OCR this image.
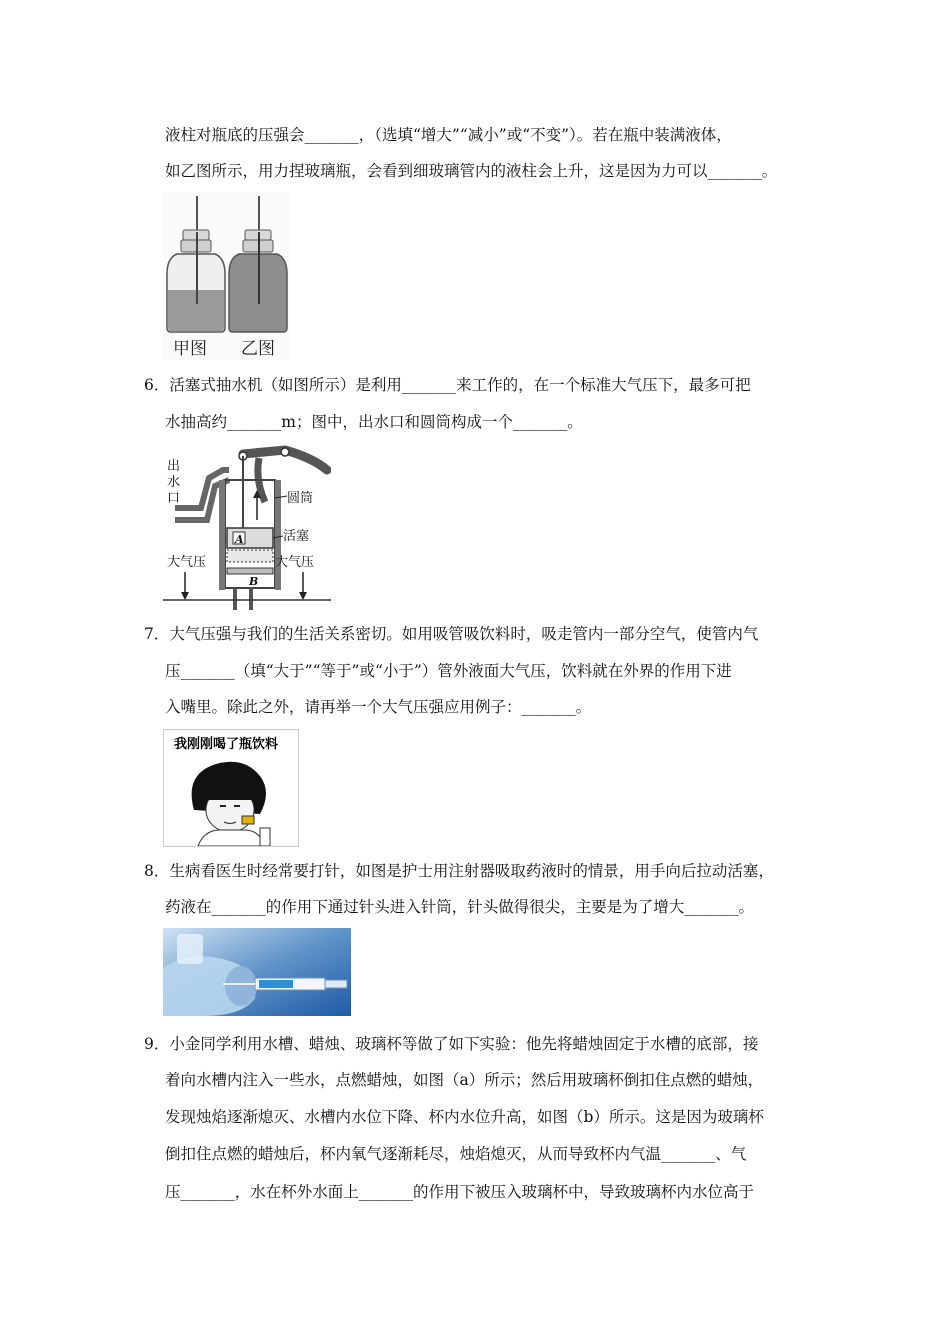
液柱对瓶底的压强会_______，（选填“增大”“减小”或“不变”）。若在瓶中装满液体，
如乙图所示，用力捏玻璃瓶，会看到细玻璃管内的液柱会上升，这是因为力可以_______。
甲图 乙图
6．活塞式抽水机（如图所示）是利用_______来工作的，在一个标准大气压下，最多可把
水抽高约_______m；图中，出水口和圆筒构成一个_______。
A
B
出
水
口	圆筒
活塞
大气压	大气压
7．大气压强与我们的生活关系密切。如用吸管吸饮料时，吸走管内一部分空气，使管内气
压_______（填“大于”“等于”或“小于”）管外液面大气压，饮料就在外界的作用下进
入嘴里。除此之外，请再举一个大气压强应用例子：_______。
我刚刚喝了瓶饮料
8．生病看医生时经常要打针，如图是护士用注射器吸取药液时的情景，用手向后拉动活塞，
药液在_______的作用下通过针头进入针筒，针头做得很尖，主要是为了增大_______。
9．小金同学利用水槽、蜡烛、玻璃杯等做了如下实验：他先将蜡烛固定于水槽的底部，接
着向水槽内注入一些水，点燃蜡烛，如图（a）所示；然后用玻璃杯倒扣住点燃的蜡烛，
发现烛焰逐渐熄灭、水槽内水位下降、杯内水位升高，如图（b）所示。这是因为玻璃杯
倒扣住点燃的蜡烛后，杯内氧气逐渐耗尽，烛焰熄灭，从而导致杯内气温_______、气
压_______，水在杯外水面上_______的作用下被压入玻璃杯中，导致玻璃杯内水位高于
